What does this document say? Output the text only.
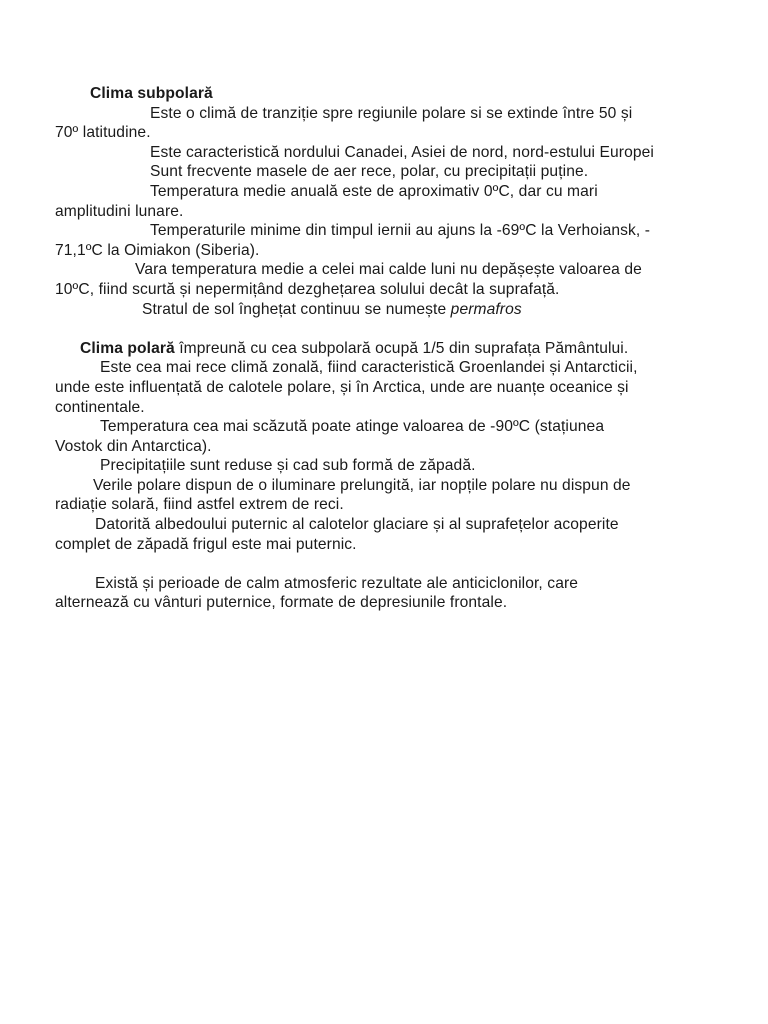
Clima subpolară

Este o climă de tranziție spre regiunile polare si se extinde între 50 și

70º latitudine.

Este caracteristică nordului Canadei, Asiei de nord, nord-estului Europei

Sunt frecvente masele de aer rece, polar, cu precipitații puține.

Temperatura medie anuală este de aproximativ 0ºC, dar cu mari

amplitudini lunare.

Temperaturile minime din timpul iernii au ajuns la -69ºC la Verhoiansk, -

71,1ºC la Oimiakon (Siberia).

Vara temperatura medie a celei mai calde luni nu depășește valoarea de

10ºC, fiind scurtă și nepermițând dezghețarea solului decât la suprafață.

Stratul de sol înghețat continuu se numește permafros

Clima polară împreună cu cea subpolară ocupă 1/5 din suprafața Pământului.

Este cea mai rece climă zonală, fiind caracteristică Groenlandei și Antarcticii,

unde este influențată de calotele polare, și în Arctica, unde are nuanțe oceanice și

continentale.

Temperatura cea mai scăzută poate atinge valoarea de -90ºC (stațiunea

Vostok din Antarctica).

Precipitațiile sunt reduse și cad sub formă de zăpadă.

Verile polare dispun de o iluminare prelungită, iar nopțile polare nu dispun de

radiație solară, fiind astfel extrem de reci.

Datorită albedoului puternic al calotelor glaciare și al suprafețelor acoperite

complet de zăpadă frigul este mai puternic.

Există și perioade de calm atmosferic rezultate ale anticiclonilor, care

alternează cu vânturi puternice, formate de depresiunile frontale.
